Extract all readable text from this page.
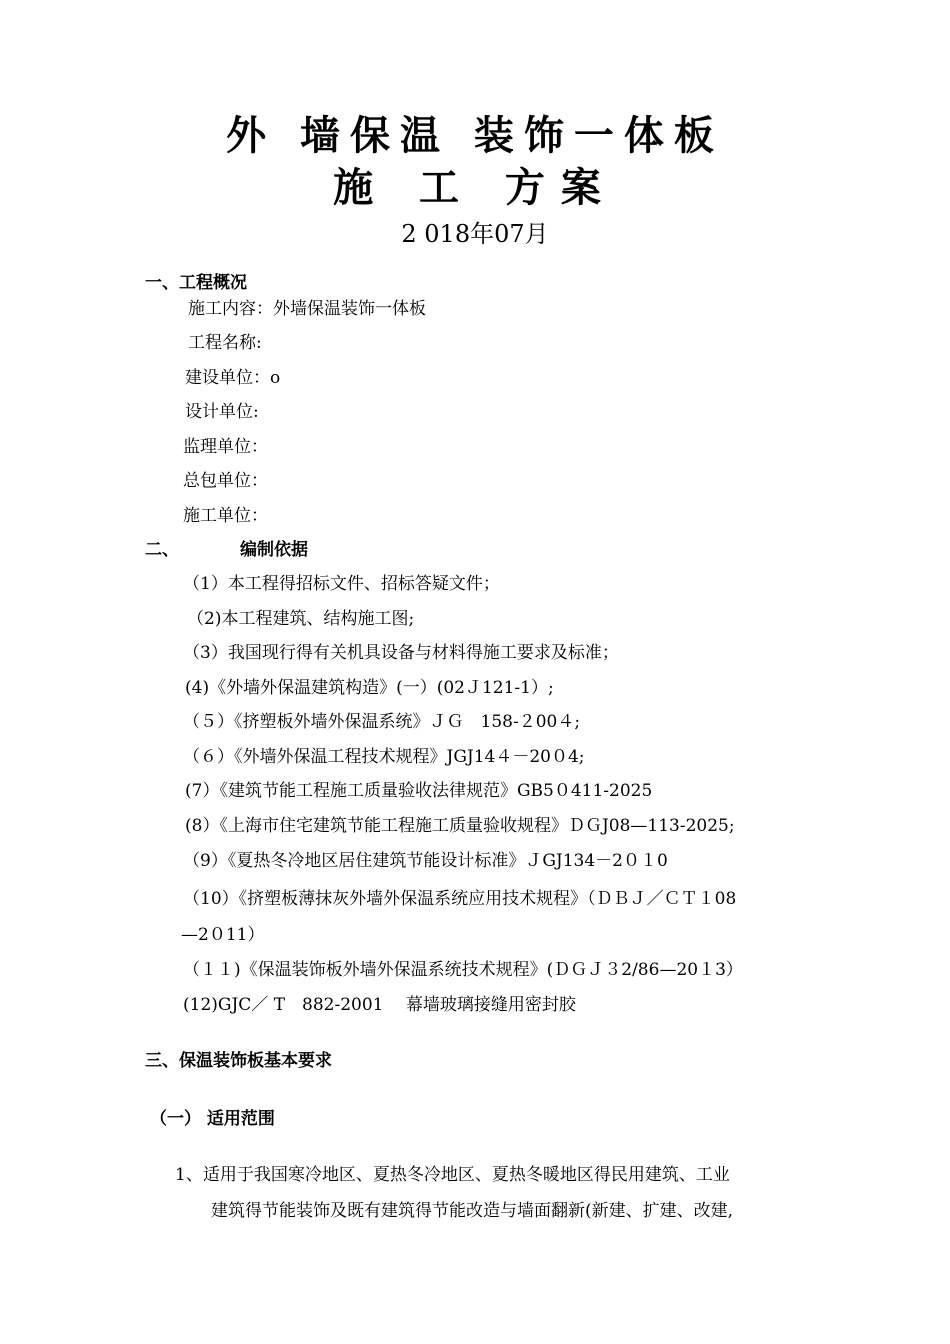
外 墙保温 装饰一体板
施 工 方案
2 018年07月
一、工程概况
施工内容：外墙保温装饰一体板
工程名称:
建设单位：ο
设计单位:
监理单位：
总包单位：
施工单位：
二、	编制依据
（1）本工程得招标文件、招标答疑文件；
（2)本工程建筑、结构施工图;
（3）我国现行得有关机具设备与材料得施工要求及标准；
(4)《外墙外保温建筑构造》(一）(02Ｊ121-1）;
（５）《挤塑板外墙外保温系统》ＪＧ　158-２00４;
（６）《外墙外保温工程技术规程》JGJ14４－20０4;
(7）《建筑节能工程施工质量验收法律规范》GB5０411-2025
(8）《上海市住宅建筑节能工程施工质量验收规程》ＤＧJ08—113-2025;
（9）《夏热冬冷地区居住建筑节能设计标准》ＪGJ134－2０１0
（10）《挤塑板薄抹灰外墙外保温系统应用技术规程》（ＤＢＪ／ＣＴ１08
—2０11）
（１１)《保温装饰板外墙外保温系统技术规程》(ＤＧＪ３2/86—20１3）
(12)GJC／ T　882-2001　 幕墙玻璃接缝用密封胶
三、保温装饰板基本要求
（一） 适用范围
1、适用于我国寒冷地区、夏热冬冷地区、夏热冬暖地区得民用建筑、工业
建筑得节能装饰及既有建筑得节能改造与墙面翻新(新建、扩建、改建,
